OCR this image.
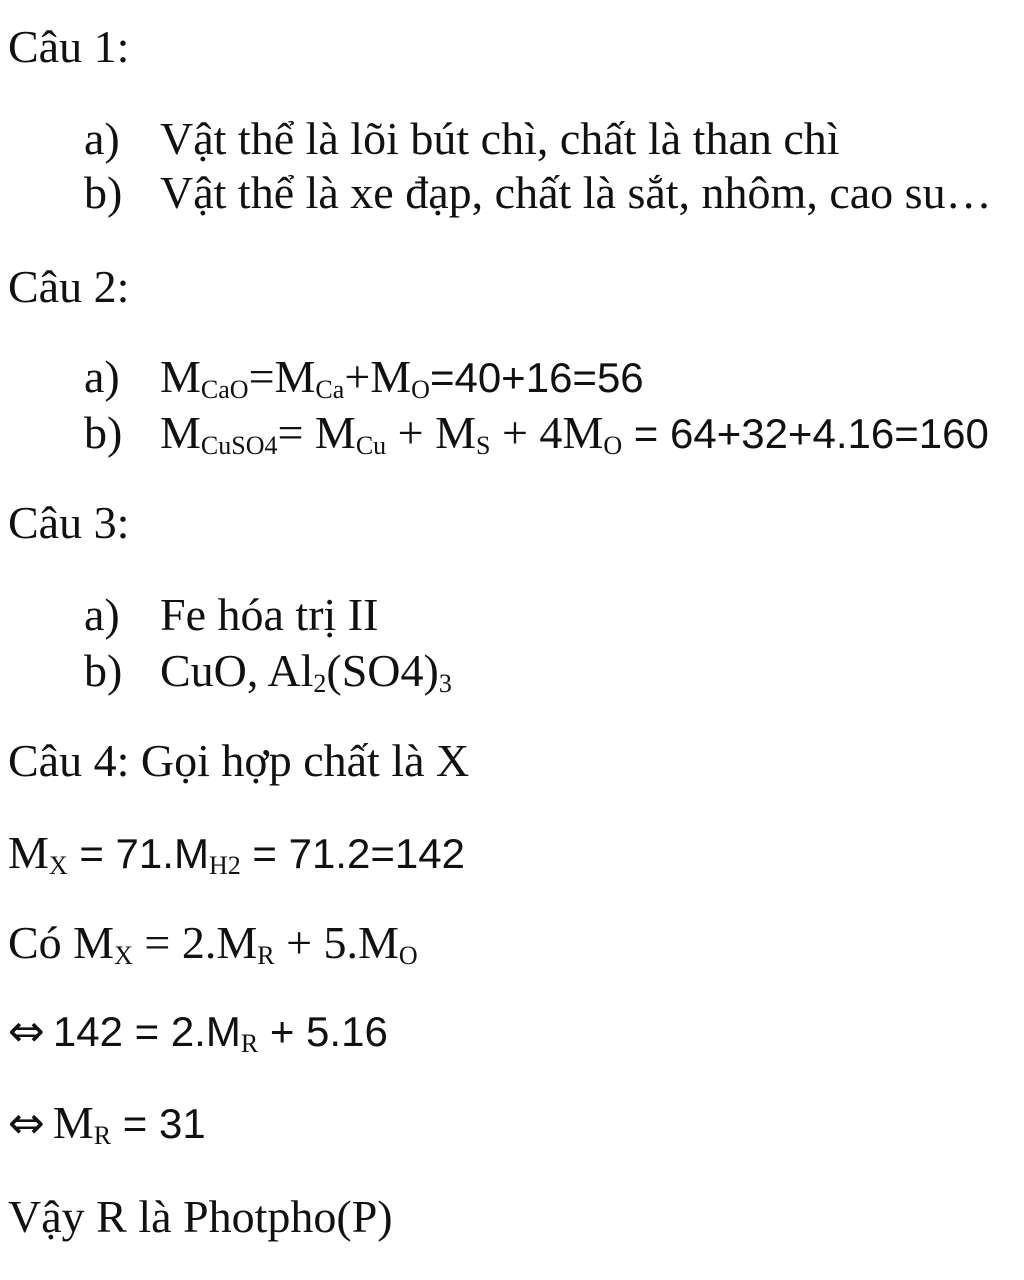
Câu 1:
a) Vật thể là lõi bút chì, chất là than chì
b) Vật thể là xe đạp, chất là sắt, nhôm, cao su…
Câu 2:
a) $M_{CaO}=M_{Ca}+M_O=40+16=56$
b) $M_{CuSO4}= M_{Cu} + M_S + 4M_O = 64+32+4.16=160$
Câu 3:
a) Fe hóa trị II
b) CuO, $Al_2(SO4)_3$
Câu 4: Gọi hợp chất là X
$M_X = 71.M_{H2} = 71.2=142$
Có $M_X = 2.M_R + 5.M_O$
⇔ $142 = 2.M_R + 5.16$
⇔ $M_R = 31$
Vậy R là Photpho(P)
